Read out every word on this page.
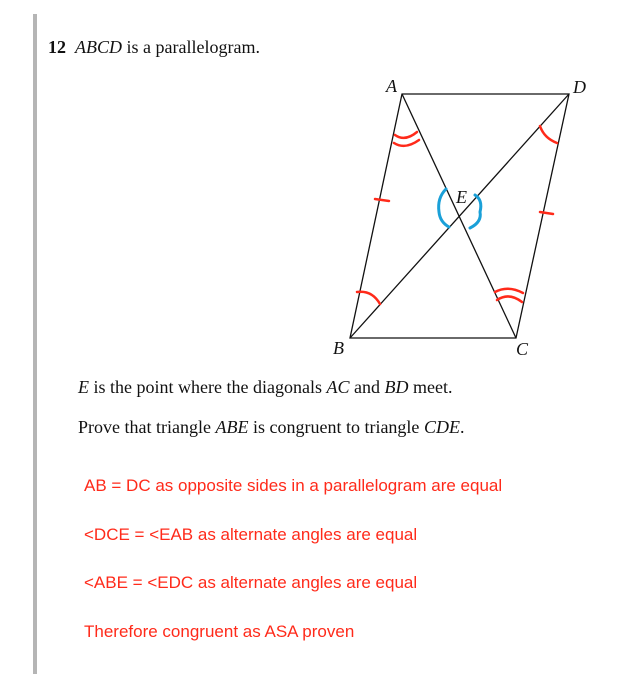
12 ABCD is a parallelogram.
A	D
B	C
E
E is the point where the diagonals AC and BD meet.
Prove that triangle ABE is congruent to triangle CDE.
AB = DC as opposite sides in a parallelogram are equal
<DCE = <EAB as alternate angles are equal
<ABE = <EDC as alternate angles are equal
Therefore congruent as ASA proven
